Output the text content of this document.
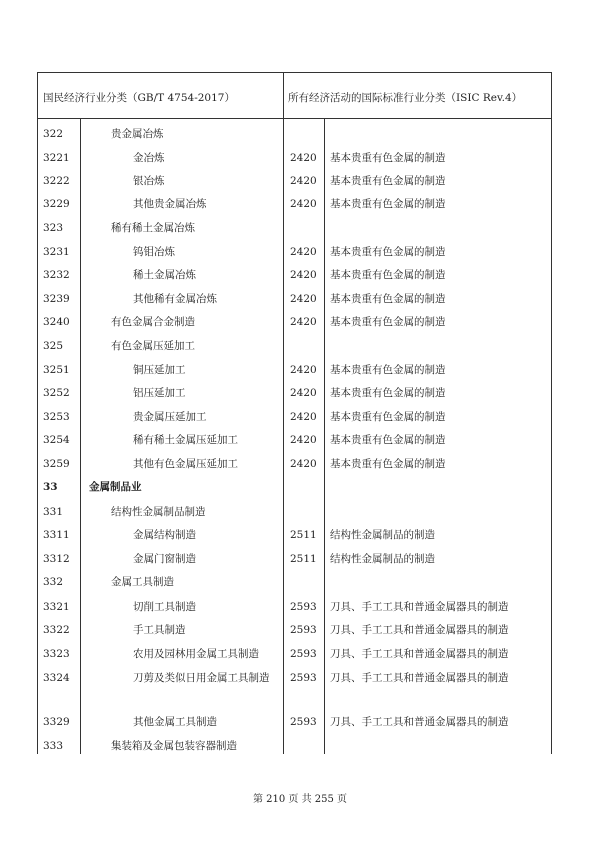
国民经济行业分类（GB/T 4754-2017）	所有经济活动的国际标准行业分类（ISIC Rev.4）
322	贵金属冶炼
3221	金冶炼	2420 基本贵重有色金属的制造
3222	银冶炼	2420 基本贵重有色金属的制造
3229	其他贵金属冶炼	2420 基本贵重有色金属的制造
323	稀有稀土金属冶炼
3231	钨钼冶炼	2420 基本贵重有色金属的制造
3232	稀土金属冶炼	2420 基本贵重有色金属的制造
3239	其他稀有金属冶炼	2420 基本贵重有色金属的制造
3240	有色金属合金制造	2420 基本贵重有色金属的制造
325	有色金属压延加工
3251	铜压延加工	2420 基本贵重有色金属的制造
3252	铝压延加工	2420 基本贵重有色金属的制造
3253	贵金属压延加工	2420 基本贵重有色金属的制造
3254	稀有稀土金属压延加工	2420 基本贵重有色金属的制造
3259	其他有色金属压延加工	2420 基本贵重有色金属的制造
33	金属制品业
331	结构性金属制品制造
3311	金属结构制造	2511 结构性金属制品的制造
3312	金属门窗制造	2511 结构性金属制品的制造
332	金属工具制造
3321	切削工具制造	2593 刀具、手工工具和普通金属器具的制造
3322	手工具制造	2593 刀具、手工工具和普通金属器具的制造
3323	农用及园林用金属工具制造	2593 刀具、手工工具和普通金属器具的制造
3324	刀剪及类似日用金属工具制造 2593 刀具、手工工具和普通金属器具的制造
3329	其他金属工具制造	2593 刀具、手工工具和普通金属器具的制造
333	集装箱及金属包装容器制造
第 210 页 共 255 页
